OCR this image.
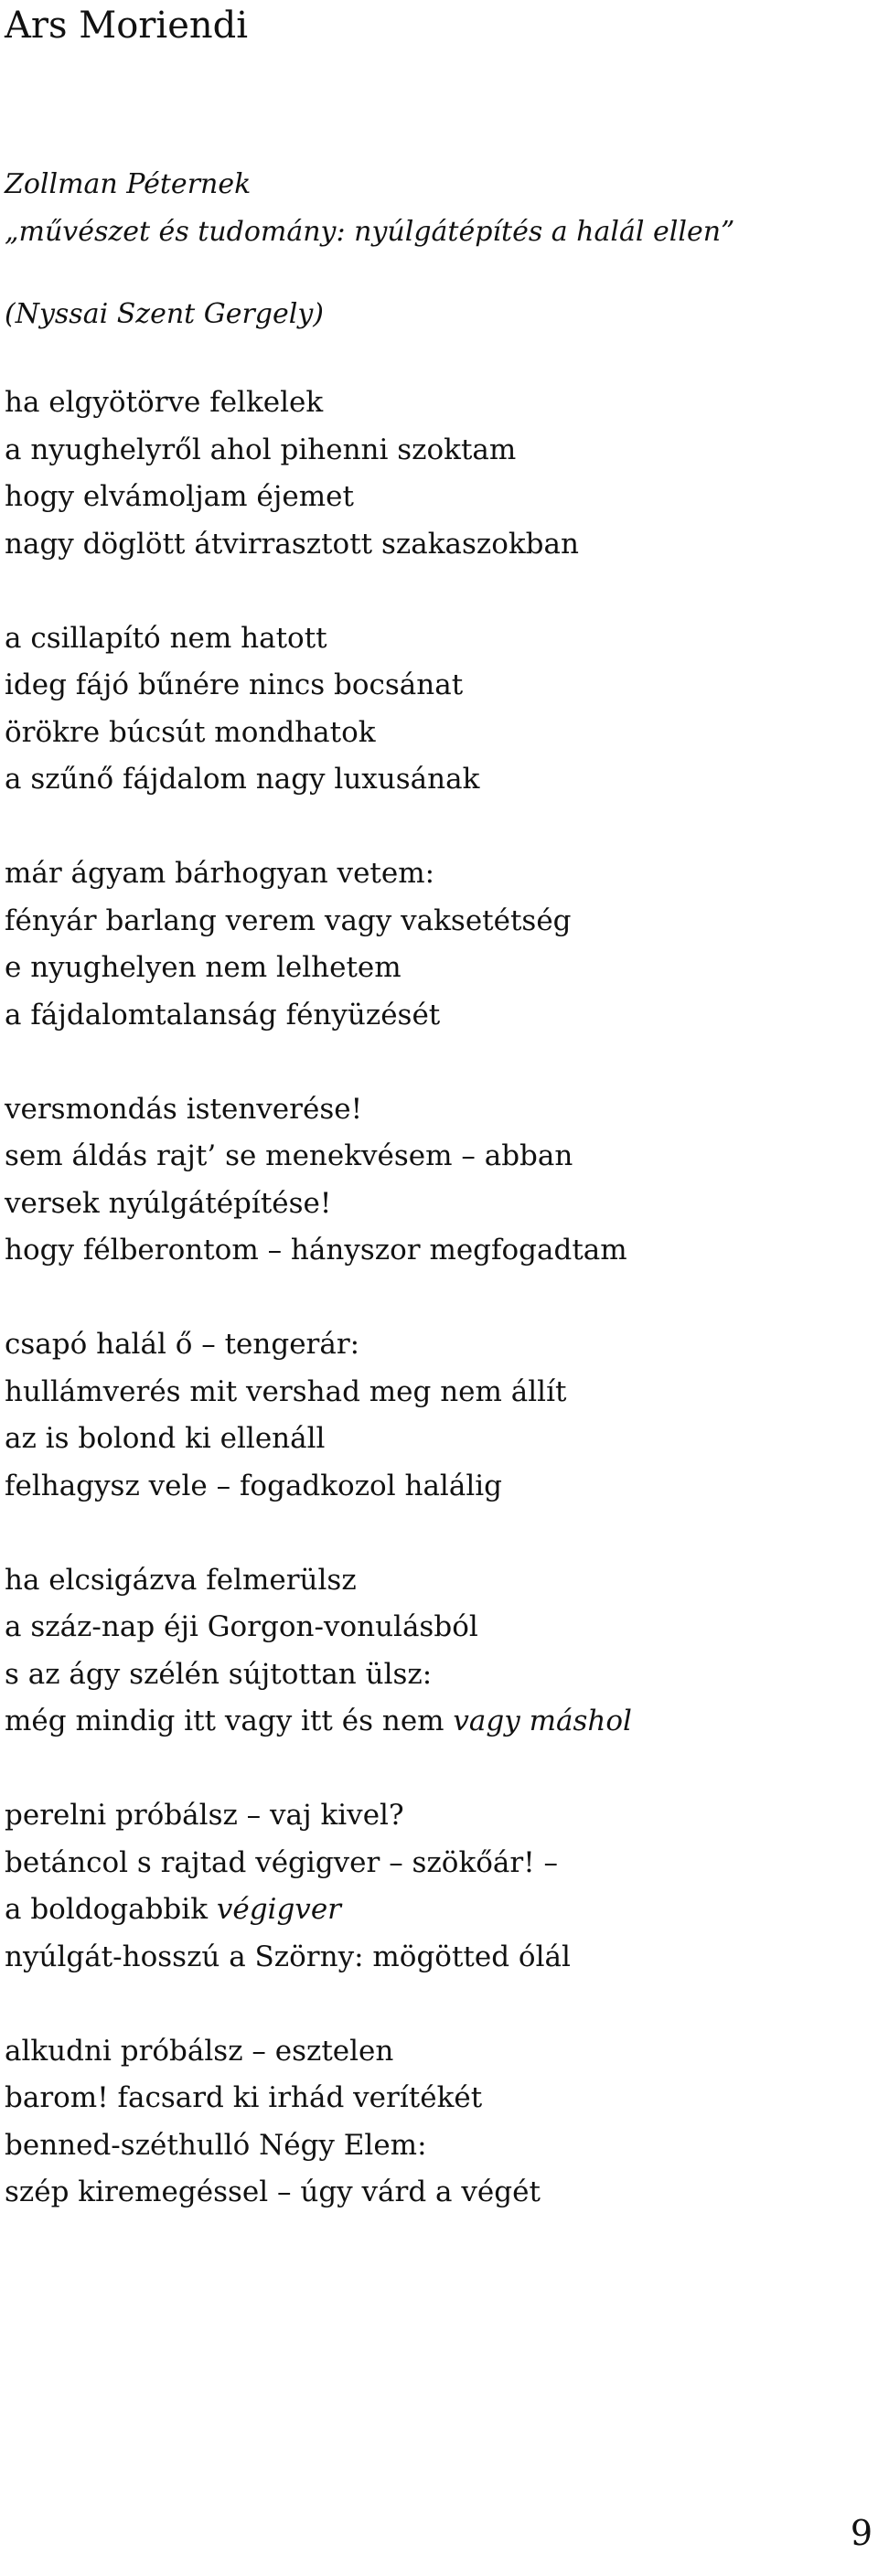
Ars Moriendi
Zollman Péternek
„művészet és tudomány: nyúlgátépítés a halál ellen”
(Nyssai Szent Gergely)
ha elgyötörve felkelek
a nyughelyről ahol pihenni szoktam
hogy elvámoljam éjemet
nagy döglött átvirrasztott szakaszokban
a csillapító nem hatott
ideg fájó bűnére nincs bocsánat
örökre búcsút mondhatok
a szűnő fájdalom nagy luxusának
már ágyam bárhogyan vetem:
fényár barlang verem vagy vaksetétség
e nyughelyen nem lelhetem
a fájdalomtalanság fényüzését
versmondás istenverése!
sem áldás rajt’ se menekvésem – abban
versek nyúlgátépítése!
hogy félberontom – hányszor megfogadtam
csapó halál ő – tengerár:
hullámverés mit vershad meg nem állít
az is bolond ki ellenáll
felhagysz vele – fogadkozol halálig
ha elcsigázva felmerülsz
a száz-nap éji Gorgon-vonulásból
s az ágy szélén sújtottan ülsz:
még mindig itt vagy itt és nem vagy máshol
perelni próbálsz – vaj kivel?
betáncol s rajtad végigver – szökőár! –
a boldogabbik végigver
nyúlgát-hosszú a Szörny: mögötted ólál
alkudni próbálsz – esztelen
barom! facsard ki irhád verítékét
benned-széthulló Négy Elem:
szép kiremegéssel – úgy várd a végét
9
